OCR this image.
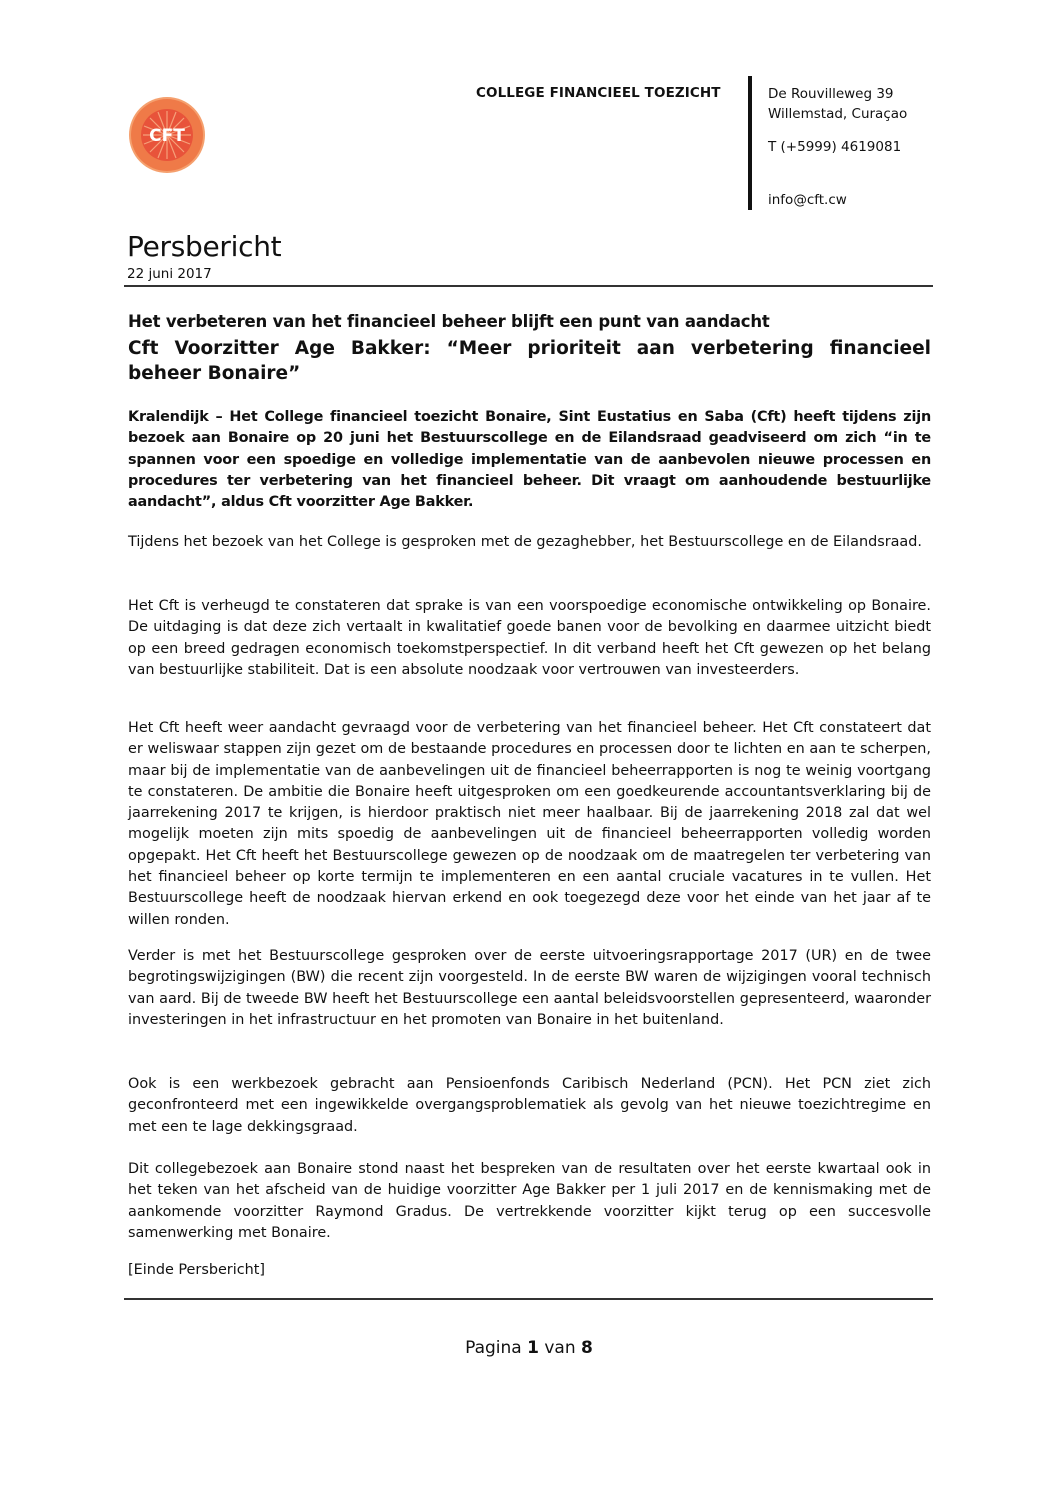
CFT
COLLEGE FINANCIEEL TOEZICHT	De Rouvilleweg 39
Willemstad, Curaçao
T (+5999) 4619081
info@cft.cw
Persbericht
22 juni 2017
Het verbeteren van het financieel beheer blijft een punt van aandacht
Cft Voorzitter Age Bakker: “Meer prioriteit aan verbetering financieel beheer Bonaire”
Kralendijk – Het College financieel toezicht Bonaire, Sint Eustatius en Saba (Cft) heeft tijdens zijn bezoek aan Bonaire op 20 juni het Bestuurscollege en de Eilandsraad geadviseerd om zich “in te spannen voor een spoedige en volledige implementatie van de aanbevolen nieuwe processen en procedures ter verbetering van het financieel beheer. Dit vraagt om aanhoudende bestuurlijke aandacht”, aldus Cft voorzitter Age Bakker.
Tijdens het bezoek van het College is gesproken met de gezaghebber, het Bestuurscollege en de Eilandsraad.
Het Cft is verheugd te constateren dat sprake is van een voorspoedige economische ontwikkeling op Bonaire. De uitdaging is dat deze zich vertaalt in kwalitatief goede banen voor de bevolking en daarmee uitzicht biedt op een breed gedragen economisch toekomstperspectief. In dit verband heeft het Cft gewezen op het belang van bestuurlijke stabiliteit. Dat is een absolute noodzaak voor vertrouwen van investeerders.
Het Cft heeft weer aandacht gevraagd voor de verbetering van het financieel beheer. Het Cft constateert dat er weliswaar stappen zijn gezet om de bestaande procedures en processen door te lichten en aan te scherpen, maar bij de implementatie van de aanbevelingen uit de financieel beheerrapporten is nog te weinig voortgang te constateren. De ambitie die Bonaire heeft uitgesproken om een goedkeurende accountantsverklaring bij de jaarrekening 2017 te krijgen, is hierdoor praktisch niet meer haalbaar. Bij de jaarrekening 2018 zal dat wel mogelijk moeten zijn mits spoedig de aanbevelingen uit de financieel beheerrapporten volledig worden opgepakt. Het Cft heeft het Bestuurscollege gewezen op de noodzaak om de maatregelen ter verbetering van het financieel beheer op korte termijn te implementeren en een aantal cruciale vacatures in te vullen. Het Bestuurscollege heeft de noodzaak hiervan erkend en ook toegezegd deze voor het einde van het jaar af te willen ronden.
Verder is met het Bestuurscollege gesproken over de eerste uitvoeringsrapportage 2017 (UR) en de twee begrotingswijzigingen (BW) die recent zijn voorgesteld. In de eerste BW waren de wijzigingen vooral technisch van aard. Bij de tweede BW heeft het Bestuurscollege een aantal beleidsvoorstellen gepresenteerd, waaronder investeringen in het infrastructuur en het promoten van Bonaire in het buitenland.
Ook is een werkbezoek gebracht aan Pensioenfonds Caribisch Nederland (PCN). Het PCN ziet zich geconfronteerd met een ingewikkelde overgangsproblematiek als gevolg van het nieuwe toezichtregime en met een te lage dekkingsgraad.
Dit collegebezoek aan Bonaire stond naast het bespreken van de resultaten over het eerste kwartaal ook in het teken van het afscheid van de huidige voorzitter Age Bakker per 1 juli 2017 en de kennismaking met de aankomende voorzitter Raymond Gradus. De vertrekkende voorzitter kijkt terug op een succesvolle samenwerking met Bonaire.
[Einde Persbericht]
Pagina 1 van 8
